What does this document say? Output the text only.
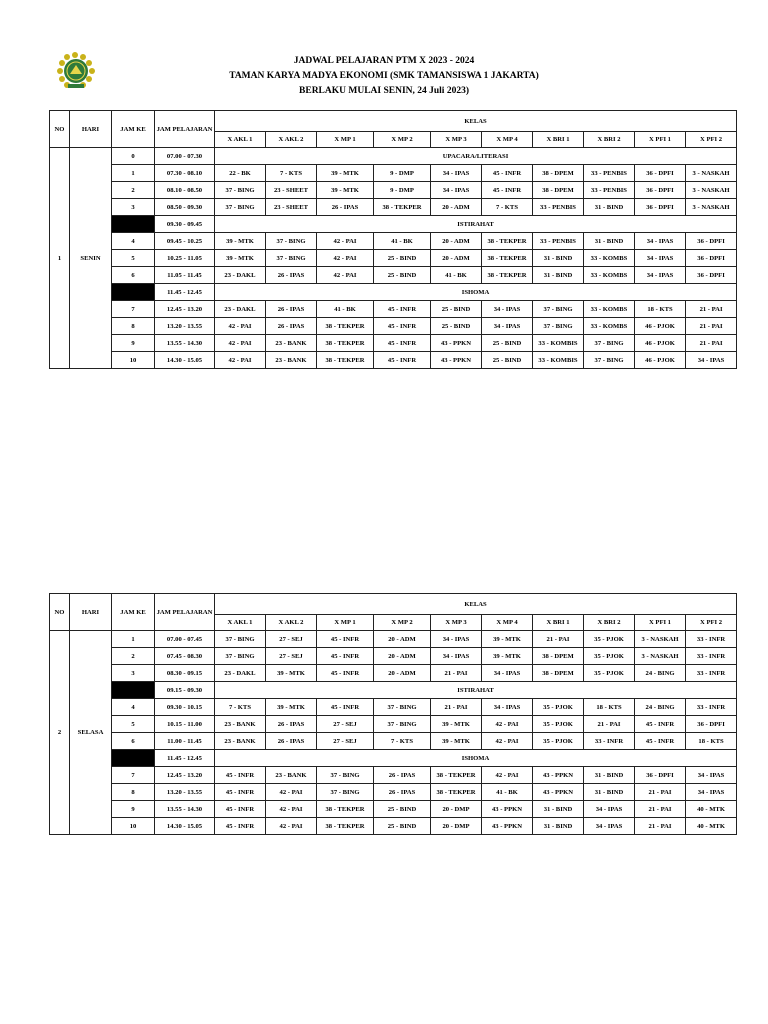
JADWAL PELAJARAN PTM X 2023 - 2024
TAMAN KARYA MADYA EKONOMI (SMK TAMANSISWA 1 JAKARTA)
BERLAKU MULAI SENIN, 24 Juli 2023)
NO	HARI	JAM KE	JAM PELAJARAN	KELAS									
				X AKL 1	X AKL 2	X MP 1	X MP 2	X MP 3	X MP 4	X BRI 1	X BRI 2	X PFI 1	X PFI 2
1	SENIN	0	07.00 - 07.30	UPACARA/LITERASI									
		1	07.30 - 08.10	22 - BK	7 - KTS	39 - MTK	9 - DMP	34 - IPAS	45 - INFR	38 - DPEM	33 - PENBIS	36 - DPFI	3 - NASKAH
		2	08.10 - 08.50	37 - BING	23 - SHEET	39 - MTK	9 - DMP	34 - IPAS	45 - INFR	38 - DPEM	33 - PENBIS	36 - DPFI	3 - NASKAH
		3	08.50 - 09.30	37 - BING	23 - SHEET	26 - IPAS	38 - TEKPER	20 - ADM	7 - KTS	33 - PENBIS	31 - BIND	36 - DPFI	3 - NASKAH
			09.30 - 09.45	ISTIRAHAT									
		4	09.45 - 10.25	39 - MTK	37 - BING	42 - PAI	41 - BK	20 - ADM	38 - TEKPER	33 - PENBIS	31 - BIND	34 - IPAS	36 - DPFI
		5	10.25 - 11.05	39 - MTK	37 - BING	42 - PAI	25 - BIND	20 - ADM	38 - TEKPER	31 - BIND	33 - KOMBS	34 - IPAS	36 - DPFI
		6	11.05 - 11.45	23 - DAKL	26 - IPAS	42 - PAI	25 - BIND	41 - BK	38 - TEKPER	31 - BIND	33 - KOMBS	34 - IPAS	36 - DPFI
			11.45 - 12.45	ISHOMA									
		7	12.45 - 13.20	23 - DAKL	26 - IPAS	41 - BK	45 - INFR	25 - BIND	34 - IPAS	37 - BING	33 - KOMBS	18 - KTS	21 - PAI
		8	13.20 - 13.55	42 - PAI	26 - IPAS	38 - TEKPER	45 - INFR	25 - BIND	34 - IPAS	37 - BING	33 - KOMBS	46 - PJOK	21 - PAI
		9	13.55 - 14.30	42 - PAI	23 - BANK	38 - TEKPER	45 - INFR	43 - PPKN	25 - BIND	33 - KOMBIS	37 - BING	46 - PJOK	21 - PAI
		10	14.30 - 15.05	42 - PAI	23 - BANK	38 - TEKPER	45 - INFR	43 - PPKN	25 - BIND	33 - KOMBIS	37 - BING	46 - PJOK	34 - IPAS
NO	HARI	JAM KE	JAM PELAJARAN	KELAS									
				X AKL 1	X AKL 2	X MP 1	X MP 2	X MP 3	X MP 4	X BRI 1	X BRI 2	X PFI 1	X PFI 2
2	SELASA	1	07.00 - 07.45	37 - BING	27 - SEJ	45 - INFR	20 - ADM	34 - IPAS	39 - MTK	21 - PAI	35 - PJOK	3 - NASKAH	33 - INFR
		2	07.45 - 08.30	37 - BING	27 - SEJ	45 - INFR	20 - ADM	34 - IPAS	39 - MTK	38 - DPEM	35 - PJOK	3 - NASKAH	33 - INFR
		3	08.30 - 09.15	23 - DAKL	39 - MTK	45 - INFR	20 - ADM	21 - PAI	34 - IPAS	38 - DPEM	35 - PJOK	24 - BING	33 - INFR
			09.15 - 09.30	ISTIRAHAT									
		4	09.30 - 10.15	7 - KTS	39 - MTK	45 - INFR	37 - BING	21 - PAI	34 - IPAS	35 - PJOK	18 - KTS	24 - BING	33 - INFR
		5	10.15 - 11.00	23 - BANK	26 - IPAS	27 - SEJ	37 - BING	39 - MTK	42 - PAI	35 - PJOK	21 - PAI	45 - INFR	36 - DPFI
		6	11.00 - 11.45	23 - BANK	26 - IPAS	27 - SEJ	7 - KTS	39 - MTK	42 - PAI	35 - PJOK	33 - INFR	45 - INFR	18 - KTS
			11.45 - 12.45	ISHOMA									
		7	12.45 - 13.20	45 - INFR	23 - BANK	37 - BING	26 - IPAS	38 - TEKPER	42 - PAI	43 - PPKN	31 - BIND	36 - DPFI	34 - IPAS
		8	13.20 - 13.55	45 - INFR	42 - PAI	37 - BING	26 - IPAS	38 - TEKPER	41 - BK	43 - PPKN	31 - BIND	21 - PAI	34 - IPAS
		9	13.55 - 14.30	45 - INFR	42 - PAI	38 - TEKPER	25 - BIND	20 - DMP	43 - PPKN	31 - BIND	34 - IPAS	21 - PAI	40 - MTK
		10	14.30 - 15.05	45 - INFR	42 - PAI	38 - TEKPER	25 - BIND	20 - DMP	43 - PPKN	31 - BIND	34 - IPAS	21 - PAI	40 - MTK
